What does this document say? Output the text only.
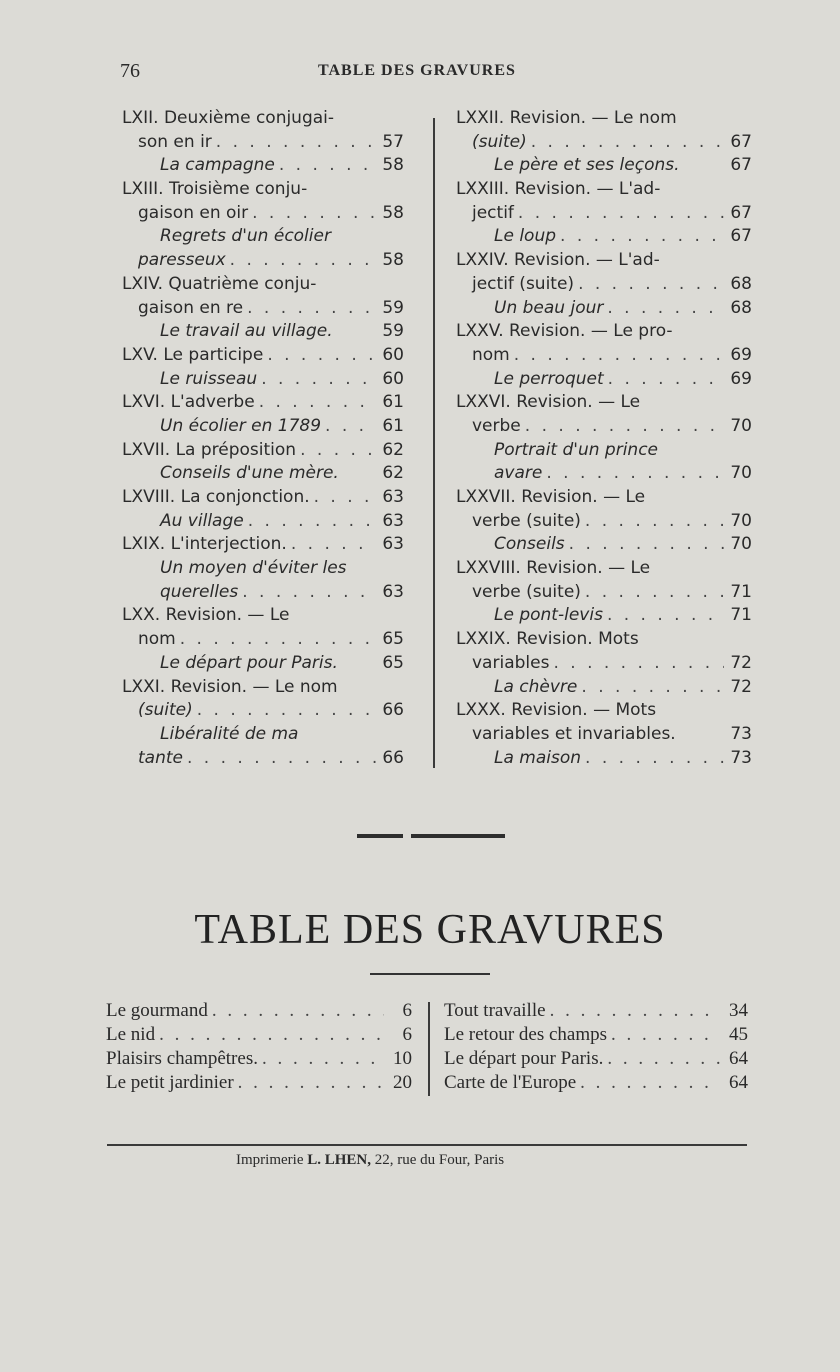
76	TABLE DES GRAVURES
LXII. Deuxième conjugai-
son en ir . . .	57
La campagne . . .	58
LXIII. Troisième conju-
gaison en oir . . .	58
Regrets d'un écolier
paresseux . . .	58
LXIV. Quatrième conju-
gaison en re . . .	59
Le travail au village.	59
LXV. Le participe . . .	60
Le ruisseau . . .	60
LXVI. L'adverbe . . .	61
Un écolier en 1789 . . .	61
LXVII. La préposition . . .	62
Conseils d'une mère.	62
LXVIII. La conjonction. . . .	63
Au village . . .	63
LXIX. L'interjection. . . .	63
Un moyen d'éviter les
querelles . . .	63
LXX. Revision. — Le
nom . . .	65
Le départ pour Paris.	65
LXXI. Revision. — Le nom
(suite) . . .	66
Libéralité de ma
tante . . .	66
LXXII. Revision. — Le nom
(suite) . . .	67
Le père et ses leçons.	67
LXXIII. Revision. — L'ad-
jectif . . .	67
Le loup . . .	67
LXXIV. Revision. — L'ad-
jectif (suite) . . .	68
Un beau jour . . .	68
LXXV. Revision. — Le pro-
nom . . .	69
Le perroquet . . .	69
LXXVI. Revision. — Le
verbe . . .	70
Portrait d'un prince
avare . . .	70
LXXVII. Revision. — Le
verbe (suite) . . .	70
Conseils . . .	70
LXXVIII. Revision. — Le
verbe (suite) . . .	71
Le pont-levis . . .	71
LXXIX. Revision. Mots
variables . . .	72
La chèvre . . .	72
LXXX. Revision. — Mots
variables et invariables.	73
La maison . . .	73
TABLE DES GRAVURES
Le gourmand . . .	6
Le nid . . .	6
Plaisirs champêtres. . . .	10
Le petit jardinier . . .	20
Tout travaille . . .	34
Le retour des champs . . .	45
Le départ pour Paris. . . .	64
Carte de l'Europe . . .	64
Imprimerie L. LHEN, 22, rue du Four, Paris
